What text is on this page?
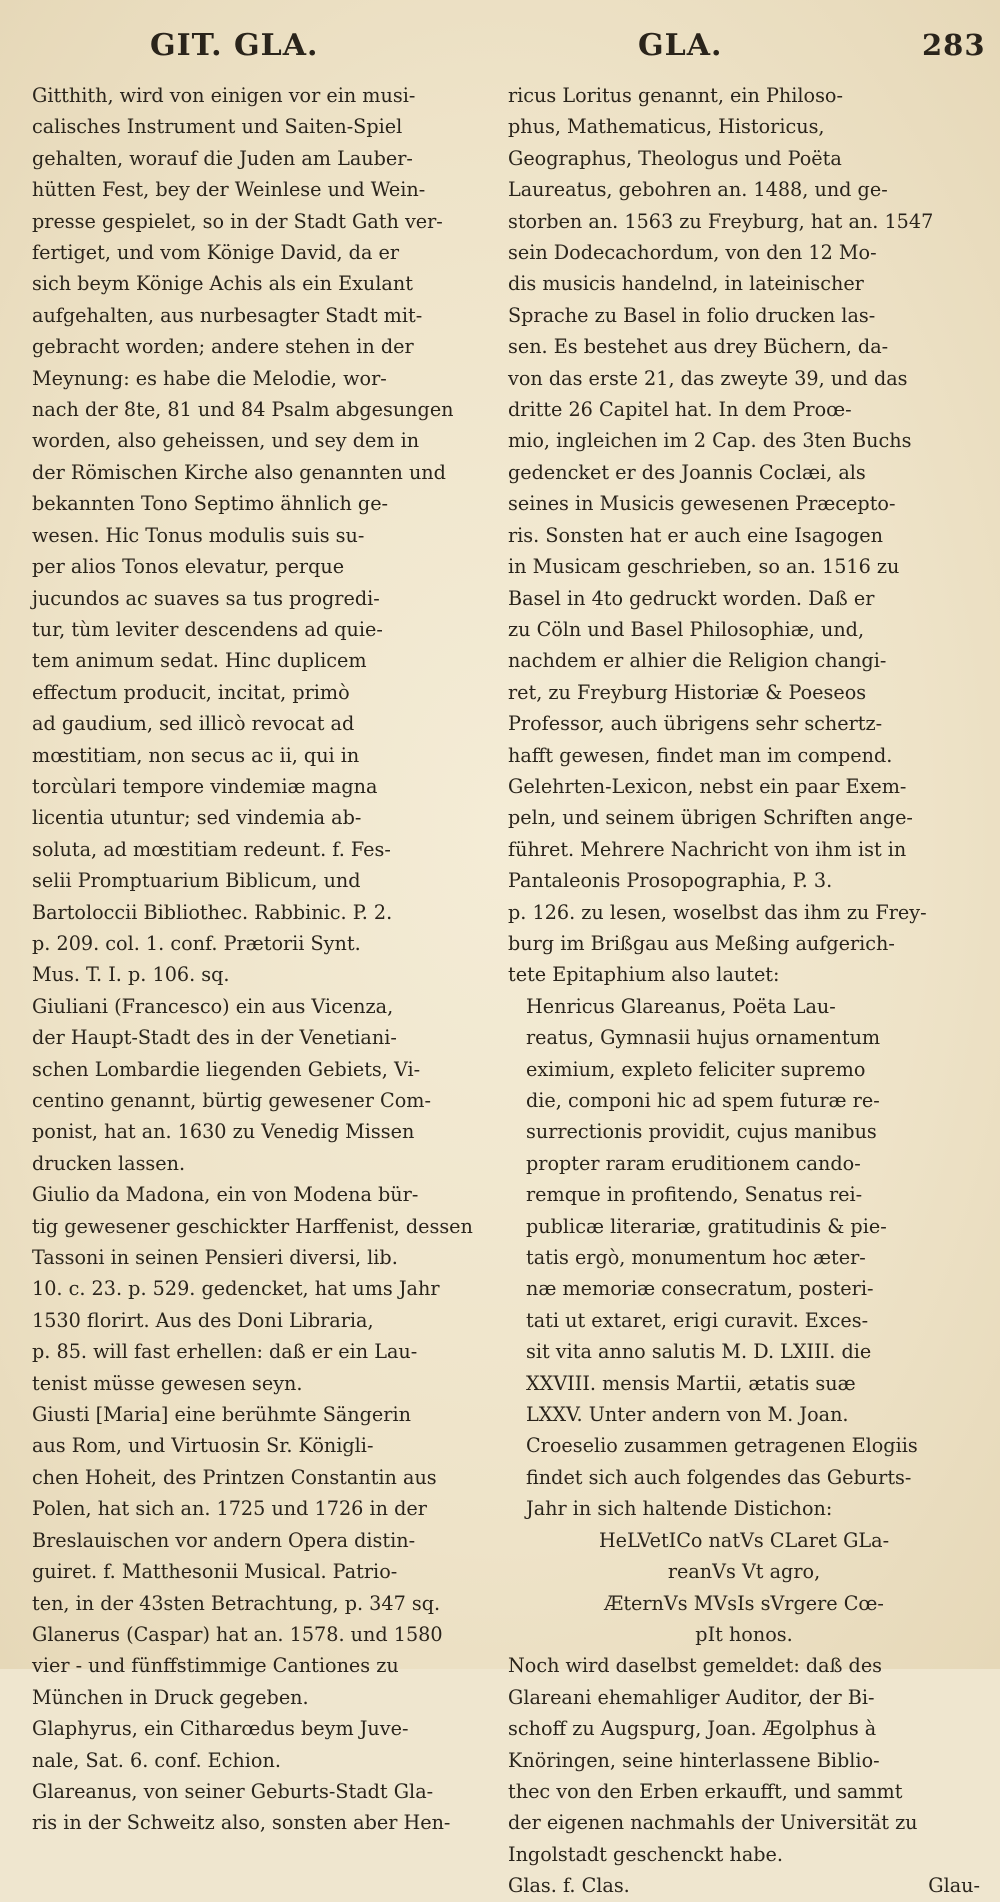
GIT. GLA.	GLA.	283
Gitthith, wird von einigen vor ein musi-
calisches Instrument und Saiten-Spiel
gehalten, worauf die Juden am Lauber-
hütten Fest, bey der Weinlese und Wein-
presse gespielet, so in der Stadt Gath ver-
fertiget, und vom Könige David, da er
sich beym Könige Achis als ein Exulant
aufgehalten, aus nurbesagter Stadt mit-
gebracht worden; andere stehen in der
Meynung: es habe die Melodie, wor-
nach der 8te, 81 und 84 Psalm abgesungen
worden, also geheissen, und sey dem in
der Römischen Kirche also genannten und
bekannten Tono Septimo ähnlich ge-
wesen. Hic Tonus modulis suis su-
per alios Tonos elevatur, perque
jucundos ac suaves sa tus progredi-
tur, tùm leviter descendens ad quie-
tem animum sedat. Hinc duplicem
effectum producit, incitat, primò
ad gaudium, sed illicò revocat ad
mœstitiam, non secus ac ii, qui in
torcùlari tempore vindemiæ magna
licentia utuntur; sed vindemia ab-
soluta, ad mœstitiam redeunt. f. Fes-
selii Promptuarium Biblicum, und
Bartoloccii Bibliothec. Rabbinic. P. 2.
p. 209. col. 1. conf. Prætorii Synt.
Mus. T. I. p. 106. sq.
Giuliani (Francesco) ein aus Vicenza,
der Haupt-Stadt des in der Venetiani-
schen Lombardie liegenden Gebiets, Vi-
centino genannt, bürtig gewesener Com-
ponist, hat an. 1630 zu Venedig Missen
drucken lassen.
Giulio da Madona, ein von Modena bür-
tig gewesener geschickter Harffenist, dessen
Tassoni in seinen Pensieri diversi, lib.
10. c. 23. p. 529. gedencket, hat ums Jahr
1530 florirt. Aus des Doni Libraria,
p. 85. will fast erhellen: daß er ein Lau-
tenist müsse gewesen seyn.
Giusti [Maria] eine berühmte Sängerin
aus Rom, und Virtuosin Sr. Königli-
chen Hoheit, des Printzen Constantin aus
Polen, hat sich an. 1725 und 1726 in der
Breslauischen vor andern Opera distin-
guiret. f. Matthesonii Musical. Patrio-
ten, in der 43sten Betrachtung, p. 347 sq.
Glanerus (Caspar) hat an. 1578. und 1580
vier - und fünffstimmige Cantiones zu
München in Druck gegeben.
Glaphyrus, ein Citharœdus beym Juve-
nale, Sat. 6. conf. Echion.
Glareanus, von seiner Geburts-Stadt Gla-
ris in der Schweitz also, sonsten aber Hen-
ricus Loritus genannt, ein Philoso-
phus, Mathematicus, Historicus,
Geographus, Theologus und Poëta
Laureatus, gebohren an. 1488, und ge-
storben an. 1563 zu Freyburg, hat an. 1547
sein Dodecachordum, von den 12 Mo-
dis musicis handelnd, in lateinischer
Sprache zu Basel in folio drucken las-
sen. Es bestehet aus drey Büchern, da-
von das erste 21, das zweyte 39, und das
dritte 26 Capitel hat. In dem Proœ-
mio, ingleichen im 2 Cap. des 3ten Buchs
gedencket er des Joannis Coclæi, als
seines in Musicis gewesenen Præcepto-
ris. Sonsten hat er auch eine Isagogen
in Musicam geschrieben, so an. 1516 zu
Basel in 4to gedruckt worden. Daß er
zu Cöln und Basel Philosophiæ, und,
nachdem er alhier die Religion changi-
ret, zu Freyburg Historiæ & Poeseos
Professor, auch übrigens sehr schertz-
hafft gewesen, findet man im compend.
Gelehrten-Lexicon, nebst ein paar Exem-
peln, und seinem übrigen Schriften ange-
führet. Mehrere Nachricht von ihm ist in
Pantaleonis Prosopographia, P. 3.
p. 126. zu lesen, woselbst das ihm zu Frey-
burg im Brißgau aus Meßing aufgerich-
tete Epitaphium also lautet:
Henricus Glareanus, Poëta Lau-
reatus, Gymnasii hujus ornamentum
eximium, expleto feliciter supremo
die, componi hic ad spem futuræ re-
surrectionis providit, cujus manibus
propter raram eruditionem cando-
remque in profitendo, Senatus rei-
publicæ literariæ, gratitudinis & pie-
tatis ergò, monumentum hoc æter-
næ memoriæ consecratum, posteri-
tati ut extaret, erigi curavit. Exces-
sit vita anno salutis M. D. LXIII. die
XXVIII. mensis Martii, ætatis suæ
LXXV. Unter andern von M. Joan.
Croeselio zusammen getragenen Elogiis
findet sich auch folgendes das Geburts-
Jahr in sich haltende Distichon:
HeLVetICo natVs CLaret GLa-
reanVs Vt agro,
ÆternVs MVsIs sVrgere Cœ-
pIt honos.
Noch wird daselbst gemeldet: daß des
Glareani ehemahliger Auditor, der Bi-
schoff zu Augspurg, Joan. Ægolphus à
Knöringen, seine hinterlassene Biblio-
thec von den Erben erkaufft, und sammt
der eigenen nachmahls der Universität zu
Ingolstadt geschenckt habe.
Glas. f. Clas.	Glau-
